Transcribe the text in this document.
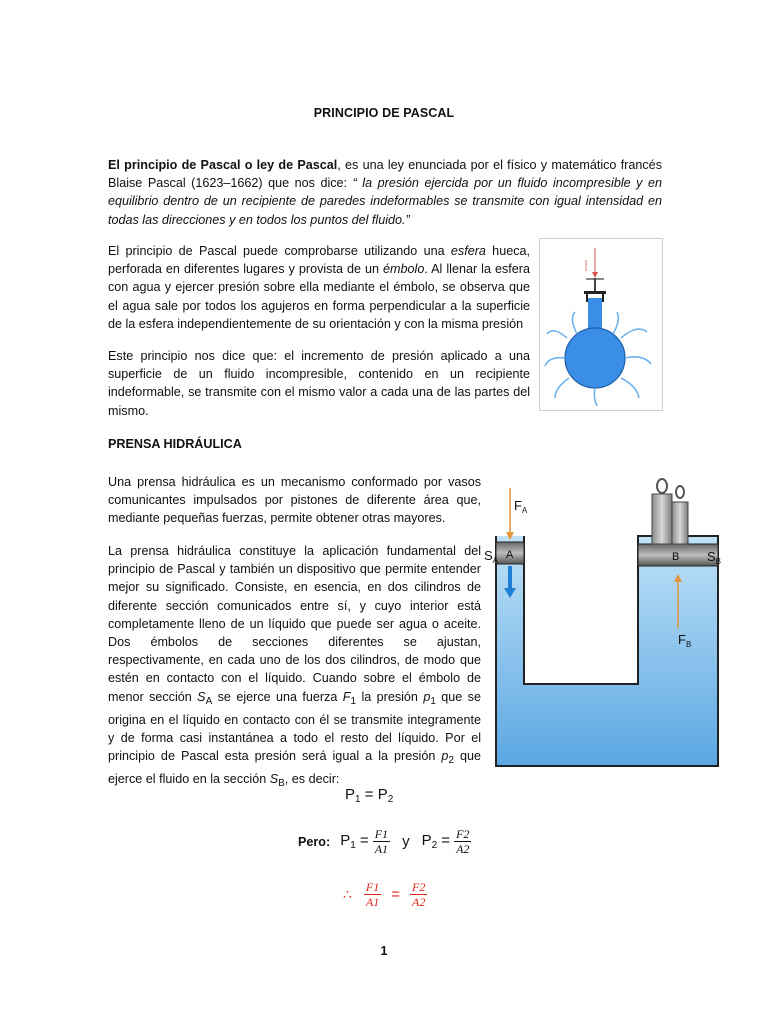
PRINCIPIO DE PASCAL

El principio de Pascal o ley de Pascal, es una ley enunciada por el físico y matemático francés Blaise Pascal (1623–1662) que nos dice: “ la presión ejercida por un fluido incompresible y en equilibrio dentro de un recipiente de paredes indeformables se transmite con igual intensidad en todas las direcciones y en todos los puntos del fluido.”

El principio de Pascal puede comprobarse utilizando una esfera hueca, perforada en diferentes lugares y provista de un émbolo. Al llenar la esfera con agua y ejercer presión sobre ella mediante el émbolo, se observa que el agua sale por todos los agujeros en forma perpendicular a la superficie de la esfera independientemente de su orientación y con la misma presión

Este principio nos dice que: el incremento de presión aplicado a una superficie de un fluido incompresible, contenido en un recipiente indeformable, se transmite con el mismo valor a cada una de las partes del mismo.

fuerza
PRENSA HIDRÁULICA

Una prensa hidráulica es un mecanismo conformado por vasos comunicantes impulsados por pistones de diferente área que, mediante pequeñas fuerzas, permite obtener otras mayores.

La prensa hidráulica constituye la aplicación fundamental del principio de Pascal y también un dispositivo que permite entender mejor su significado. Consiste, en esencia, en dos cilindros de diferente sección comunicados entre sí, y cuyo interior está completamente lleno de un líquido que puede ser agua o aceite. Dos émbolos de secciones diferentes se ajustan, respectivamente, en cada uno de los dos cilindros, de modo que estén en contacto con el líquido. Cuando sobre el émbolo de menor sección $S_A$ se ejerce una fuerza $F_1$ la presión $p_1$ que se origina en el líquido en contacto con él se transmite integramente y de forma casi instantánea a todo el resto del líquido. Por el principio de Pascal esta presión será igual a la presión $p_2$ que ejerce el fluido en la sección $S_B$, es decir:

$F_A$
$S_A$ A	B $S_B$
$F_B$
$P_1 = P_2$
Pero: $P_1 = \frac{F1}{A1}$ y $P_2 = \frac{F2}{A2}$
∴ $\frac{F1}{A1} = \frac{F2}{A2}$
1
